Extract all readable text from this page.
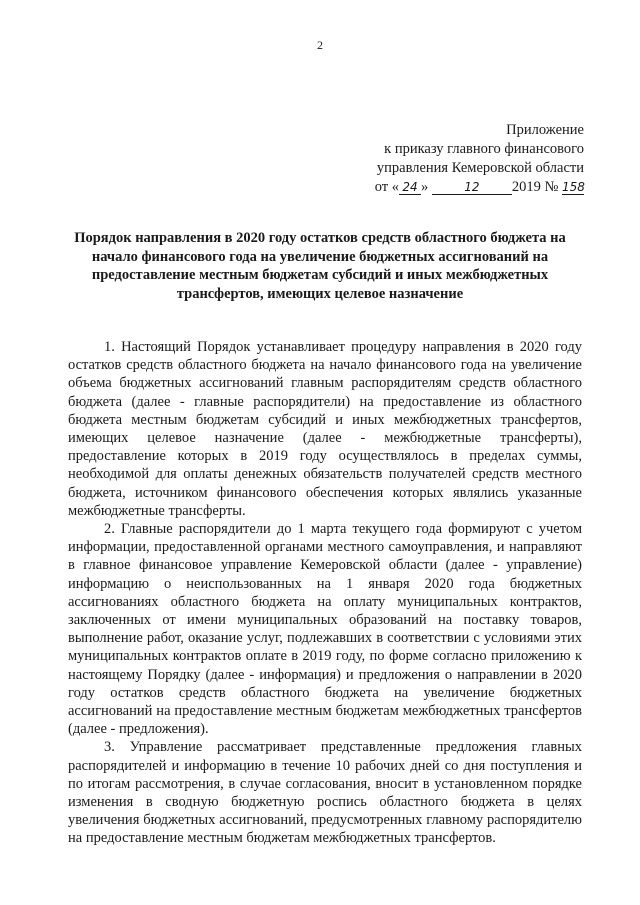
2
Приложение
к приказу главного финансового
управления Кемеровской области
от « 24 »	12 2019 № 158
Порядок направления в 2020 году остатков средств областного бюджета на начало финансового года на увеличение бюджетных ассигнований на предоставление местным бюджетам субсидий и иных межбюджетных трансфертов, имеющих целевое назначение

1. Настоящий Порядок устанавливает процедуру направления в 2020 году остатков средств областного бюджета на начало финансового года на увеличение объема бюджетных ассигнований главным распорядителям средств областного бюджета (далее - главные распорядители) на предоставление из областного бюджета местным бюджетам субсидий и иных межбюджетных трансфертов, имеющих целевое назначение (далее - межбюджетные трансферты), предоставление которых в 2019 году осуществлялось в пределах суммы, необходимой для оплаты денежных обязательств получателей средств местного бюджета, источником финансового обеспечения которых являлись указанные межбюджетные трансферты.

2. Главные распорядители до 1 марта текущего года формируют с учетом информации, предоставленной органами местного самоуправления, и направляют в главное финансовое управление Кемеровской области (далее - управление) информацию о неиспользованных на 1 января 2020 года бюджетных ассигнованиях областного бюджета на оплату муниципальных контрактов, заключенных от имени муниципальных образований на поставку товаров, выполнение работ, оказание услуг, подлежавших в соответствии с условиями этих муниципальных контрактов оплате в 2019 году, по форме согласно приложению к настоящему Порядку (далее - информация) и предложения о направлении в 2020 году остатков средств областного бюджета на увеличение бюджетных ассигнований на предоставление местным бюджетам межбюджетных трансфертов (далее - предложения).

3. Управление рассматривает представленные предложения главных распорядителей и информацию в течение 10 рабочих дней со дня поступления и по итогам рассмотрения, в случае согласования, вносит в установленном порядке изменения в сводную бюджетную роспись областного бюджета в целях увеличения бюджетных ассигнований, предусмотренных главному распорядителю на предоставление местным бюджетам межбюджетных трансфертов.
